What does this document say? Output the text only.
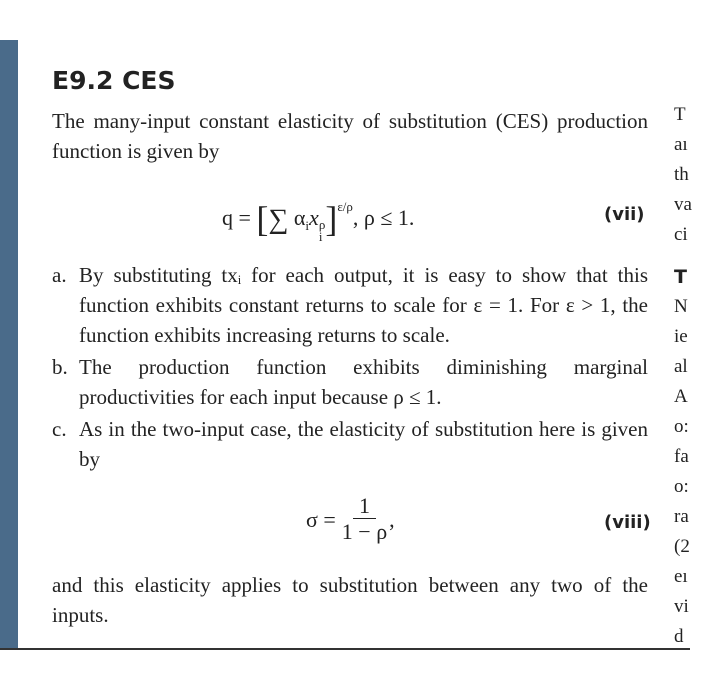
E9.2 CES
The many-input constant elasticity of substitution (CES) production function is given by
q = [∑ $\alpha_ix$ ρ
i ]$^{\varepsilon/\rho}$, ρ ≤ 1.	(vii)
a. By substituting txᵢ for each output, it is easy to show that this function exhibits constant returns to scale for ε = 1. For ε > 1, the function exhibits increasing returns to scale.
b. The production function exhibits diminishing marginal productivities for each input because ρ ≤ 1.
c. As in the two-input case, the elasticity of substitution here is given by
$\sigma = \frac{1}{1 - \rho}$ ,	(viii)
and this elasticity applies to substitution between any two of the inputs.
T
aı
th
va
ci
T
N
ie
al
A
o:
fa
o:
ra
(2
eı
vi
d
